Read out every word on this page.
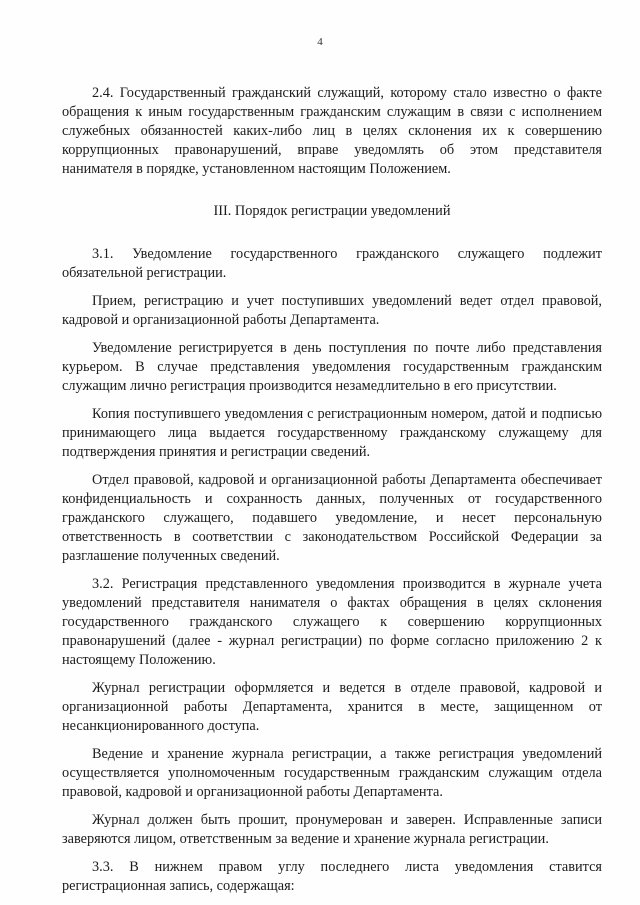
4

2.4. Государственный гражданский служащий, которому стало известно о факте обращения к иным государственным гражданским служащим в связи с исполнением служебных обязанностей каких-либо лиц в целях склонения их к совершению коррупционных правонарушений, вправе уведомлять об этом представителя нанимателя в порядке, установленном настоящим Положением.

III. Порядок регистрации уведомлений

3.1. Уведомление государственного гражданского служащего подлежит обязательной регистрации.

Прием, регистрацию и учет поступивших уведомлений ведет отдел правовой, кадровой и организационной работы Департамента.

Уведомление регистрируется в день поступления по почте либо представления курьером. В случае представления уведомления государственным гражданским служащим лично регистрация производится незамедлительно в его присутствии.

Копия поступившего уведомления с регистрационным номером, датой и подписью принимающего лица выдается государственному гражданскому служащему для подтверждения принятия и регистрации сведений.

Отдел правовой, кадровой и организационной работы Департамента обеспечивает конфиденциальность и сохранность данных, полученных от государственного гражданского служащего, подавшего уведомление, и несет персональную ответственность в соответствии с законодательством Российской Федерации за разглашение полученных сведений.

3.2. Регистрация представленного уведомления производится в журнале учета уведомлений представителя нанимателя о фактах обращения в целях склонения государственного гражданского служащего к совершению коррупционных правонарушений (далее - журнал регистрации) по форме согласно приложению 2 к настоящему Положению.

Журнал регистрации оформляется и ведется в отделе правовой, кадровой и организационной работы Департамента, хранится в месте, защищенном от несанкционированного доступа.

Ведение и хранение журнала регистрации, а также регистрация уведомлений осуществляется уполномоченным государственным гражданским служащим отдела правовой, кадровой и организационной работы Департамента.

Журнал должен быть прошит, пронумерован и заверен. Исправленные записи заверяются лицом, ответственным за ведение и хранение журнала регистрации.

3.3. В нижнем правом углу последнего листа уведомления ставится регистрационная запись, содержащая:
